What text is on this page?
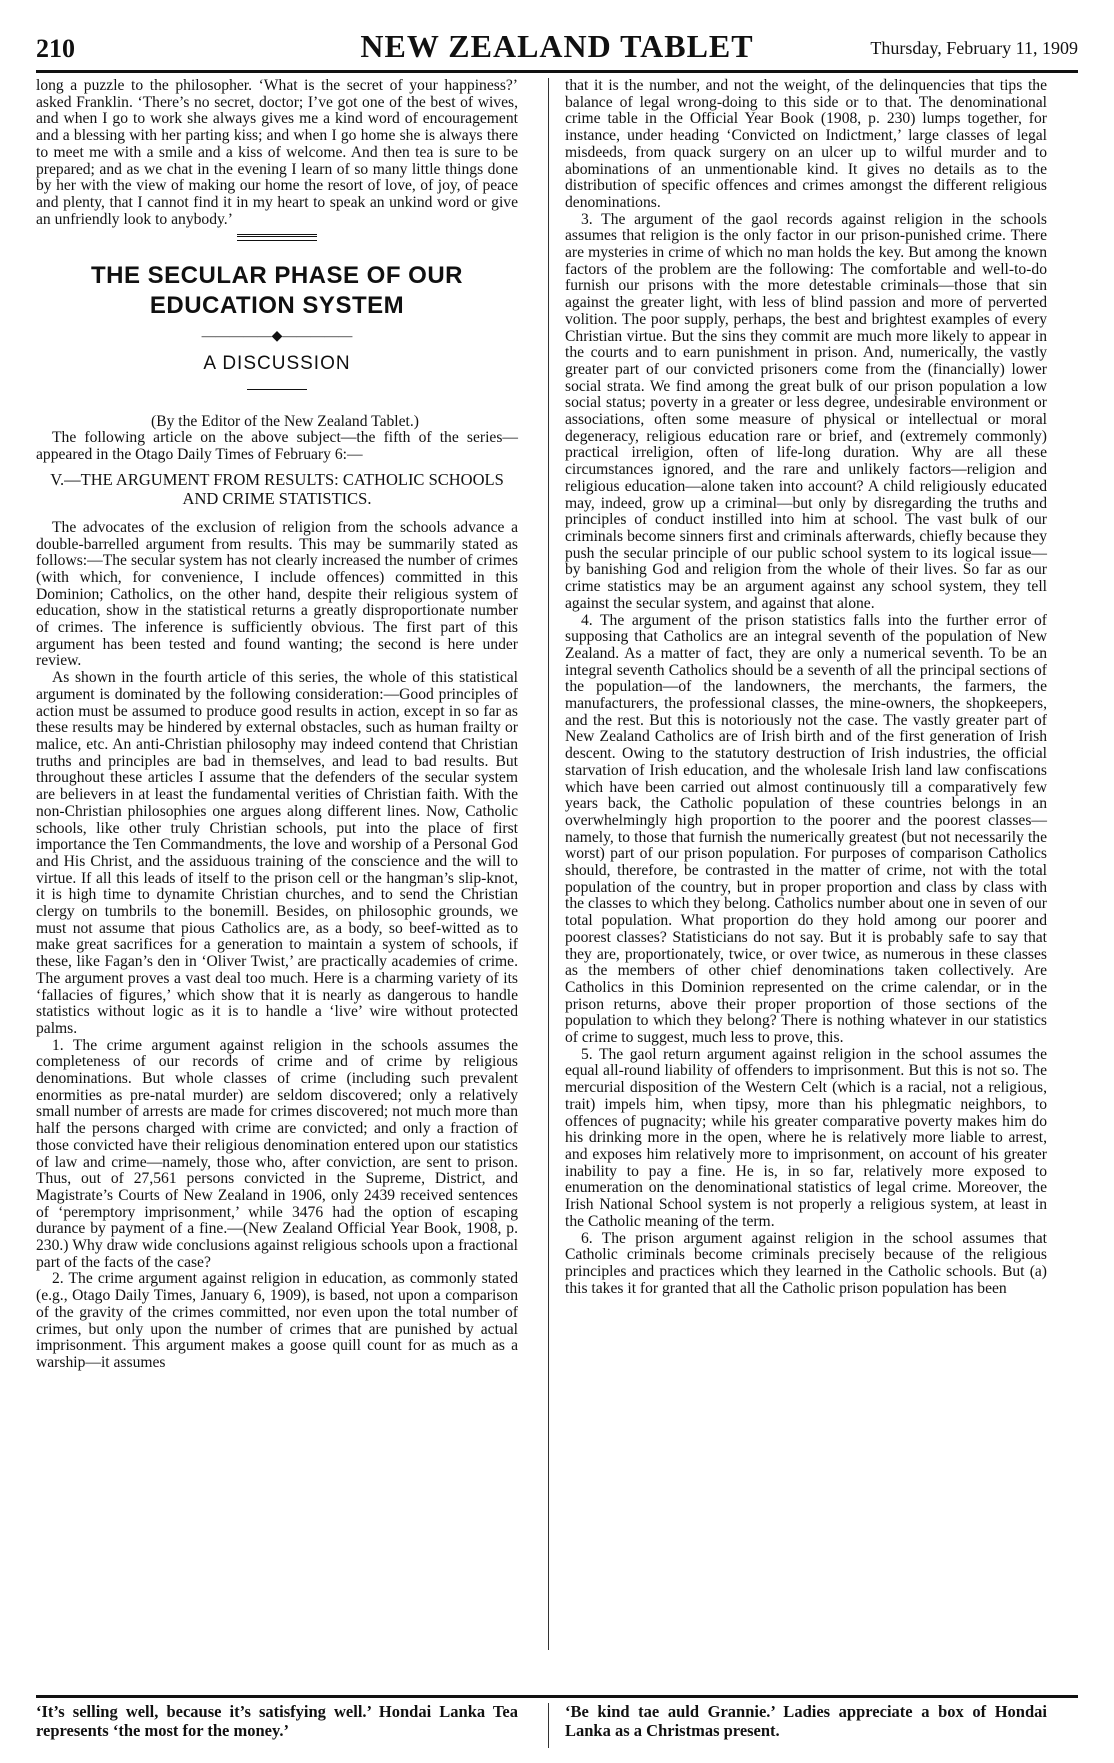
210	NEW ZEALAND TABLET	Thursday, February 11, 1909

long a puzzle to the philosopher. ‘What is the secret of your happiness?’ asked Franklin. ‘There’s no secret, doctor; I’ve got one of the best of wives, and when I go to work she always gives me a kind word of encouragement and a blessing with her parting kiss; and when I go home she is always there to meet me with a smile and a kiss of welcome. And then tea is sure to be prepared; and as we chat in the evening I learn of so many little things done by her with the view of making our home the resort of love, of joy, of peace and plenty, that I cannot find it in my heart to speak an unkind word or give an unfriendly look to anybody.’

THE SECULAR PHASE OF OUR EDUCATION SYSTEM
―――――◆―――――
A DISCUSSION

(By the Editor of the New Zealand Tablet.)

The following article on the above subject—the fifth of the series—appeared in the Otago Daily Times of February 6:—

V.—THE ARGUMENT FROM RESULTS: CATHOLIC SCHOOLS AND CRIME STATISTICS.

The advocates of the exclusion of religion from the schools advance a double-barrelled argument from results. This may be summarily stated as follows:—The secular system has not clearly increased the number of crimes (with which, for convenience, I include offences) committed in this Dominion; Catholics, on the other hand, despite their religious system of education, show in the statistical returns a greatly disproportionate number of crimes. The inference is sufficiently obvious. The first part of this argument has been tested and found wanting; the second is here under review.

As shown in the fourth article of this series, the whole of this statistical argument is dominated by the following consideration:—Good principles of action must be assumed to produce good results in action, except in so far as these results may be hindered by external obstacles, such as human frailty or malice, etc. An anti-Christian philosophy may indeed contend that Christian truths and principles are bad in themselves, and lead to bad results. But throughout these articles I assume that the defenders of the secular system are believers in at least the fundamental verities of Christian faith. With the non-Christian philosophies one argues along different lines. Now, Catholic schools, like other truly Christian schools, put into the place of first importance the Ten Commandments, the love and worship of a Personal God and His Christ, and the assiduous training of the conscience and the will to virtue. If all this leads of itself to the prison cell or the hangman’s slip-knot, it is high time to dynamite Christian churches, and to send the Christian clergy on tumbrils to the bonemill. Besides, on philosophic grounds, we must not assume that pious Catholics are, as a body, so beef-witted as to make great sacrifices for a generation to maintain a system of schools, if these, like Fagan’s den in ‘Oliver Twist,’ are practically academies of crime. The argument proves a vast deal too much. Here is a charming variety of its ‘fallacies of figures,’ which show that it is nearly as dangerous to handle statistics without logic as it is to handle a ‘live’ wire without protected palms.

1. The crime argument against religion in the schools assumes the completeness of our records of crime and of crime by religious denominations. But whole classes of crime (including such prevalent enormities as pre-natal murder) are seldom discovered; only a relatively small number of arrests are made for crimes discovered; not much more than half the persons charged with crime are convicted; and only a fraction of those convicted have their religious denomination entered upon our statistics of law and crime—namely, those who, after conviction, are sent to prison. Thus, out of 27,561 persons convicted in the Supreme, District, and Magistrate’s Courts of New Zealand in 1906, only 2439 received sentences of ‘peremptory imprisonment,’ while 3476 had the option of escaping durance by payment of a fine.—(New Zealand Official Year Book, 1908, p. 230.) Why draw wide conclusions against religious schools upon a fractional part of the facts of the case?

2. The crime argument against religion in education, as commonly stated (e.g., Otago Daily Times, January 6, 1909), is based, not upon a comparison of the gravity of the crimes committed, nor even upon the total number of crimes, but only upon the number of crimes that are punished by actual imprisonment. This argument makes a goose quill count for as much as a warship—it assumes

that it is the number, and not the weight, of the delinquencies that tips the balance of legal wrong-doing to this side or to that. The denominational crime table in the Official Year Book (1908, p. 230) lumps together, for instance, under heading ‘Convicted on Indictment,’ large classes of legal misdeeds, from quack surgery on an ulcer up to wilful murder and to abominations of an unmentionable kind. It gives no details as to the distribution of specific offences and crimes amongst the different religious denominations.

3. The argument of the gaol records against religion in the schools assumes that religion is the only factor in our prison-punished crime. There are mysteries in crime of which no man holds the key. But among the known factors of the problem are the following: The comfortable and well-to-do furnish our prisons with the more detestable criminals—those that sin against the greater light, with less of blind passion and more of perverted volition. The poor supply, perhaps, the best and brightest examples of every Christian virtue. But the sins they commit are much more likely to appear in the courts and to earn punishment in prison. And, numerically, the vastly greater part of our convicted prisoners come from the (financially) lower social strata. We find among the great bulk of our prison population a low social status; poverty in a greater or less degree, undesirable environment or associations, often some measure of physical or intellectual or moral degeneracy, religious education rare or brief, and (extremely commonly) practical irreligion, often of life-long duration. Why are all these circumstances ignored, and the rare and unlikely factors—religion and religious education—alone taken into account? A child religiously educated may, indeed, grow up a criminal—but only by disregarding the truths and principles of conduct instilled into him at school. The vast bulk of our criminals become sinners first and criminals afterwards, chiefly because they push the secular principle of our public school system to its logical issue—by banishing God and religion from the whole of their lives. So far as our crime statistics may be an argument against any school system, they tell against the secular system, and against that alone.

4. The argument of the prison statistics falls into the further error of supposing that Catholics are an integral seventh of the population of New Zealand. As a matter of fact, they are only a numerical seventh. To be an integral seventh Catholics should be a seventh of all the principal sections of the population—of the landowners, the merchants, the farmers, the manufacturers, the professional classes, the mine-owners, the shopkeepers, and the rest. But this is notoriously not the case. The vastly greater part of New Zealand Catholics are of Irish birth and of the first generation of Irish descent. Owing to the statutory destruction of Irish industries, the official starvation of Irish education, and the wholesale Irish land law confiscations which have been carried out almost continuously till a comparatively few years back, the Catholic population of these countries belongs in an overwhelmingly high proportion to the poorer and the poorest classes—namely, to those that furnish the numerically greatest (but not necessarily the worst) part of our prison population. For purposes of comparison Catholics should, therefore, be contrasted in the matter of crime, not with the total population of the country, but in proper proportion and class by class with the classes to which they belong. Catholics number about one in seven of our total population. What proportion do they hold among our poorer and poorest classes? Statisticians do not say. But it is probably safe to say that they are, proportionately, twice, or over twice, as numerous in these classes as the members of other chief denominations taken collectively. Are Catholics in this Dominion represented on the crime calendar, or in the prison returns, above their proper proportion of those sections of the population to which they belong? There is nothing whatever in our statistics of crime to suggest, much less to prove, this.

5. The gaol return argument against religion in the school assumes the equal all-round liability of offenders to imprisonment. But this is not so. The mercurial disposition of the Western Celt (which is a racial, not a religious, trait) impels him, when tipsy, more than his phlegmatic neighbors, to offences of pugnacity; while his greater comparative poverty makes him do his drinking more in the open, where he is relatively more liable to arrest, and exposes him relatively more to imprisonment, on account of his greater inability to pay a fine. He is, in so far, relatively more exposed to enumeration on the denominational statistics of legal crime. Moreover, the Irish National School system is not properly a religious system, at least in the Catholic meaning of the term.

6. The prison argument against religion in the school assumes that Catholic criminals become criminals precisely because of the religious principles and practices which they learned in the Catholic schools. But (a) this takes it for granted that all the Catholic prison population has been

‘It’s selling well, because it’s satisfying well.’ Hondai Lanka Tea represents ‘the most for the money.’
‘Be kind tae auld Grannie.’ Ladies appreciate a box of Hondai Lanka as a Christmas present.
